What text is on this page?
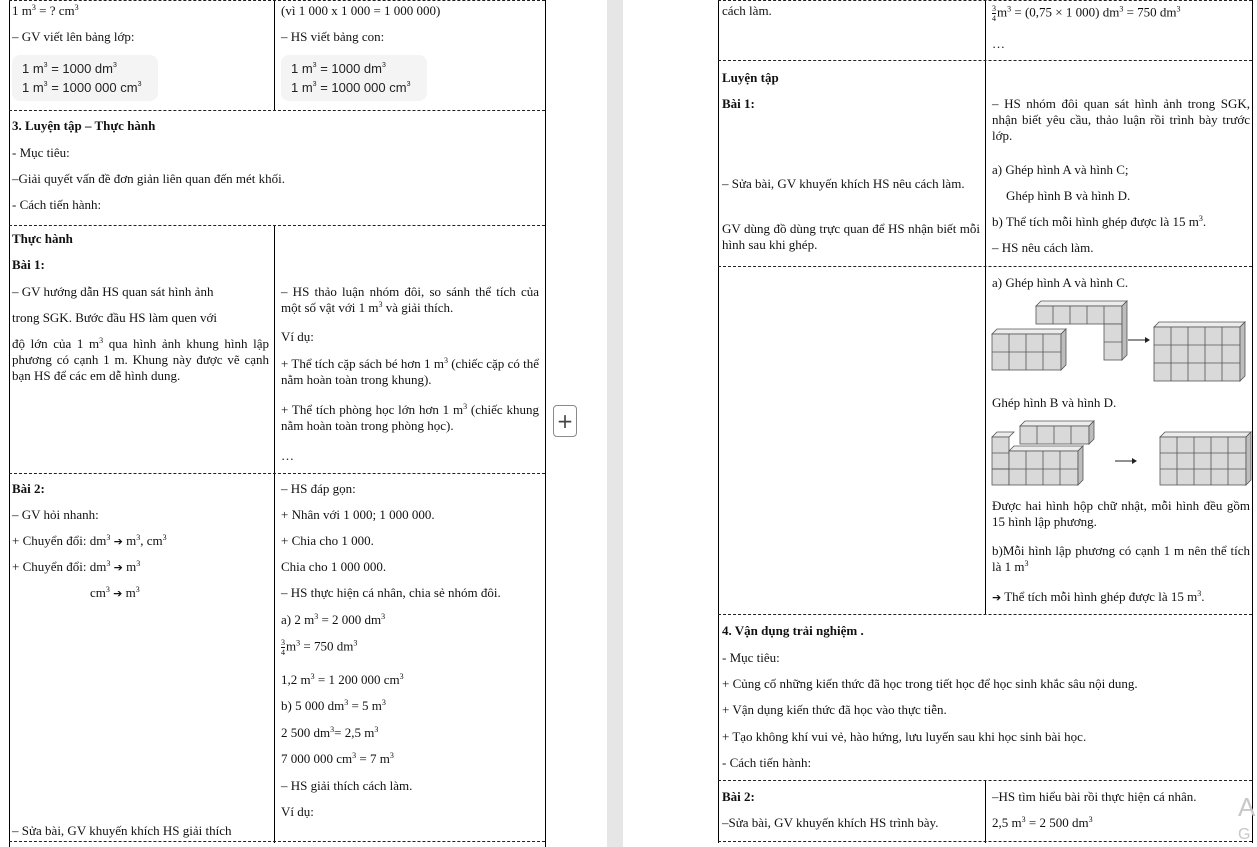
1 $m^3$ = ? $cm^3$
– GV viết lên bảng lớp:
1 $m^3 = 1000$ $dm^3$
1 $m^3 = 1000$ 000 $cm^3$
(vì 1 000 x 1 000 = 1 000 000)
– HS viết bảng con:
1 $m^3 = 1000$ $dm^3$
1 $m^3 = 1000$ 000 $cm^3$
3. Luyện tập – Thực hành
- Mục tiêu:
–Giải quyết vấn đề đơn giản liên quan đến mét khối.
- Cách tiến hành:
Thực hành
Bài 1:
– GV hướng dẫn HS quan sát hình ảnh
trong SGK. Bước đầu HS làm quen với
độ lớn của 1 $m^3$ qua hình ảnh khung hình lập phương có cạnh 1 m. Khung này được vẽ cạnh bạn HS để các em dễ hình dung.
– HS thảo luận nhóm đôi, so sánh thể tích của một số vật với 1 $m^3$ và giải thích.
Ví dụ:
+ Thể tích cặp sách bé hơn 1 $m^3$ (chiếc cặp có thể nằm hoàn toàn trong khung).
+ Thể tích phòng học lớn hơn 1 $m^3$ (chiếc khung nằm hoàn toàn trong phòng học).
…
Bài 2:
– GV hỏi nhanh:
+ Chuyển đổi: $dm^3$ ➔ $m^3$, $cm^3$
+ Chuyển đổi: $dm^3$ ➔ $m^3$
$cm^3$ ➔ $m^3$
– Sửa bài, GV khuyến khích HS giải thích
– HS đáp gọn:
+ Nhân với 1 000; 1 000 000.
+ Chia cho 1 000.
Chia cho 1 000 000.
– HS thực hiện cá nhân, chia sẻ nhóm đôi.
a) 2 $m^3 = 2$ 000 $dm^3$
$\frac{3}{4} m^3 = 750$ $dm^3$
1,2 $m^3 = 1$ 200 000 $cm^3$
b) 5 000 $dm^3 = 5$ $m^3$
2 500 $dm^3= 2,5$ $m^3$
7 000 000 $cm^3 = 7$ $m^3$
– HS giải thích cách làm.
Ví dụ:
+
cách làm.	$\frac{3}{4} m^3 = (0,75 \times 1$ 000) $dm^3 = 750$ $dm^3$
…
Luyện tập
Bài 1:
– Sửa bài, GV khuyến khích HS nêu cách làm.
GV dùng đồ dùng trực quan để HS nhận biết mỗi hình sau khi ghép.
– HS nhóm đôi quan sát hình ảnh trong SGK, nhận biết yêu cầu, thảo luận rồi trình bày trước lớp.
a) Ghép hình A và hình C;
Ghép hình B và hình D.
b) Thể tích mỗi hình ghép được là 15 $m^3$.
– HS nêu cách làm.
a) Ghép hình A và hình C.
Ghép hình B và hình D.
Được hai hình hộp chữ nhật, mỗi hình đều gồm 15 hình lập phương.
b)Mỗi hình lập phương có cạnh 1 m nên thể tích là 1 $m^3$
➔ Thể tích mỗi hình ghép được là 15 $m^3$.
4. Vận dụng trải nghiệm .
- Mục tiêu:
+ Củng cố những kiến thức đã học trong tiết học để học sinh khắc sâu nội dung.
+ Vận dụng kiến thức đã học vào thực tiễn.
+ Tạo không khí vui vẻ, hào hứng, lưu luyến sau khi học sinh bài học.
- Cách tiến hành:
Bài 2:
–Sửa bài, GV khuyến khích HS trình bày.
–HS tìm hiểu bài rồi thực hiện cá nhân.
2,5 $m^3 = 2$ 500 $dm^3$	A
G
